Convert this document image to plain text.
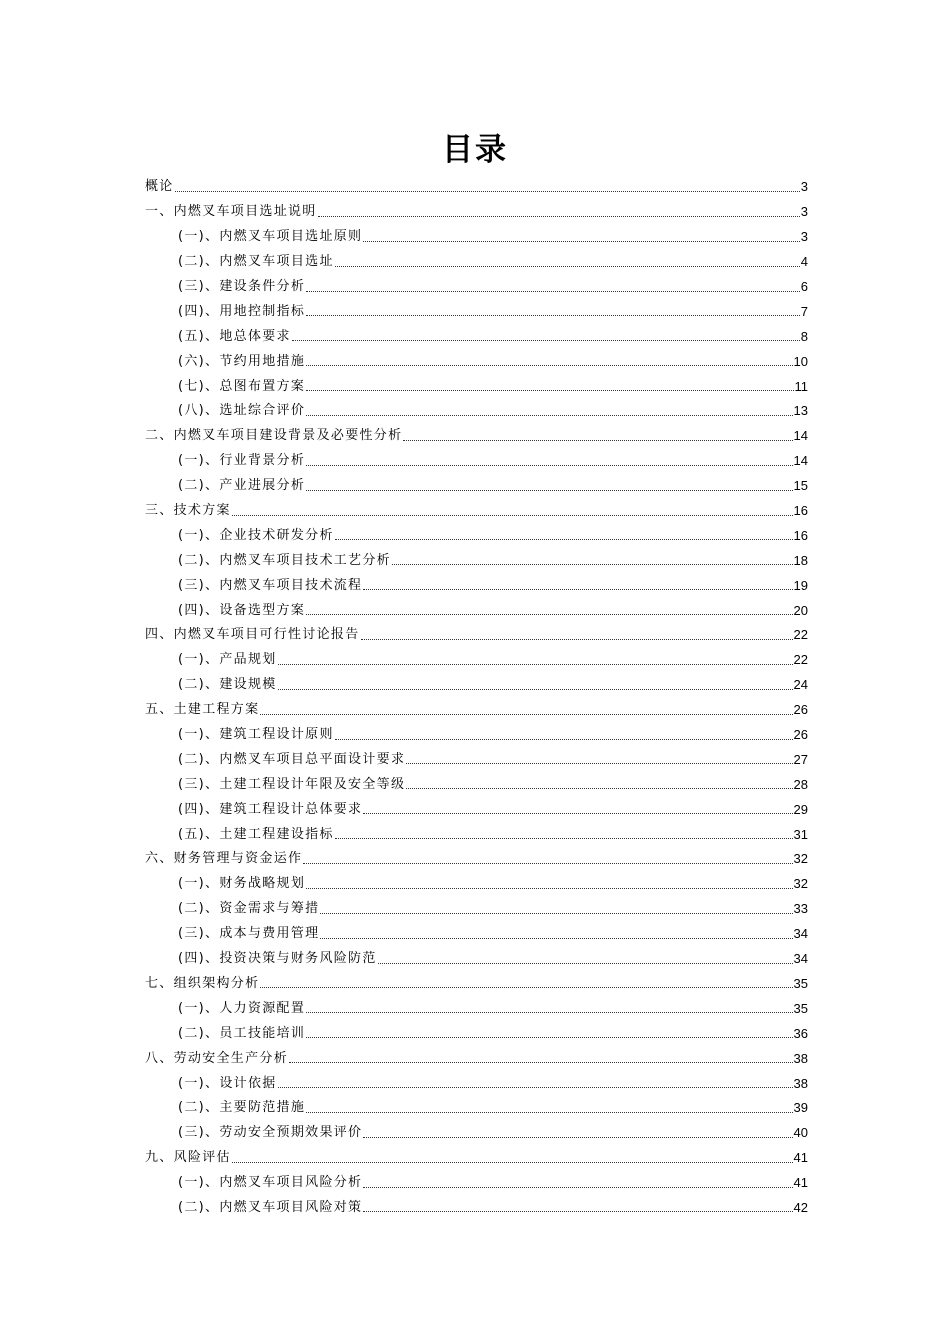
目录
概论	3
一、内燃叉车项目选址说明	3
(一)、内燃叉车项目选址原则	3
(二)、内燃叉车项目选址	4
(三)、建设条件分析	6
(四)、用地控制指标	7
(五)、地总体要求	8
(六)、节约用地措施	10
(七)、总图布置方案	11
(八)、选址综合评价	13
二、内燃叉车项目建设背景及必要性分析	14
(一)、行业背景分析	14
(二)、产业进展分析	15
三、技术方案	16
(一)、企业技术研发分析	16
(二)、内燃叉车项目技术工艺分析	18
(三)、内燃叉车项目技术流程	19
(四)、设备选型方案	20
四、内燃叉车项目可行性讨论报告	22
(一)、产品规划	22
(二)、建设规模	24
五、土建工程方案	26
(一)、建筑工程设计原则	26
(二)、内燃叉车项目总平面设计要求	27
(三)、土建工程设计年限及安全等级	28
(四)、建筑工程设计总体要求	29
(五)、土建工程建设指标	31
六、财务管理与资金运作	32
(一)、财务战略规划	32
(二)、资金需求与筹措	33
(三)、成本与费用管理	34
(四)、投资决策与财务风险防范	34
七、组织架构分析	35
(一)、人力资源配置	35
(二)、员工技能培训	36
八、劳动安全生产分析	38
(一)、设计依据	38
(二)、主要防范措施	39
(三)、劳动安全预期效果评价	40
九、风险评估	41
(一)、内燃叉车项目风险分析	41
(二)、内燃叉车项目风险对策	42
